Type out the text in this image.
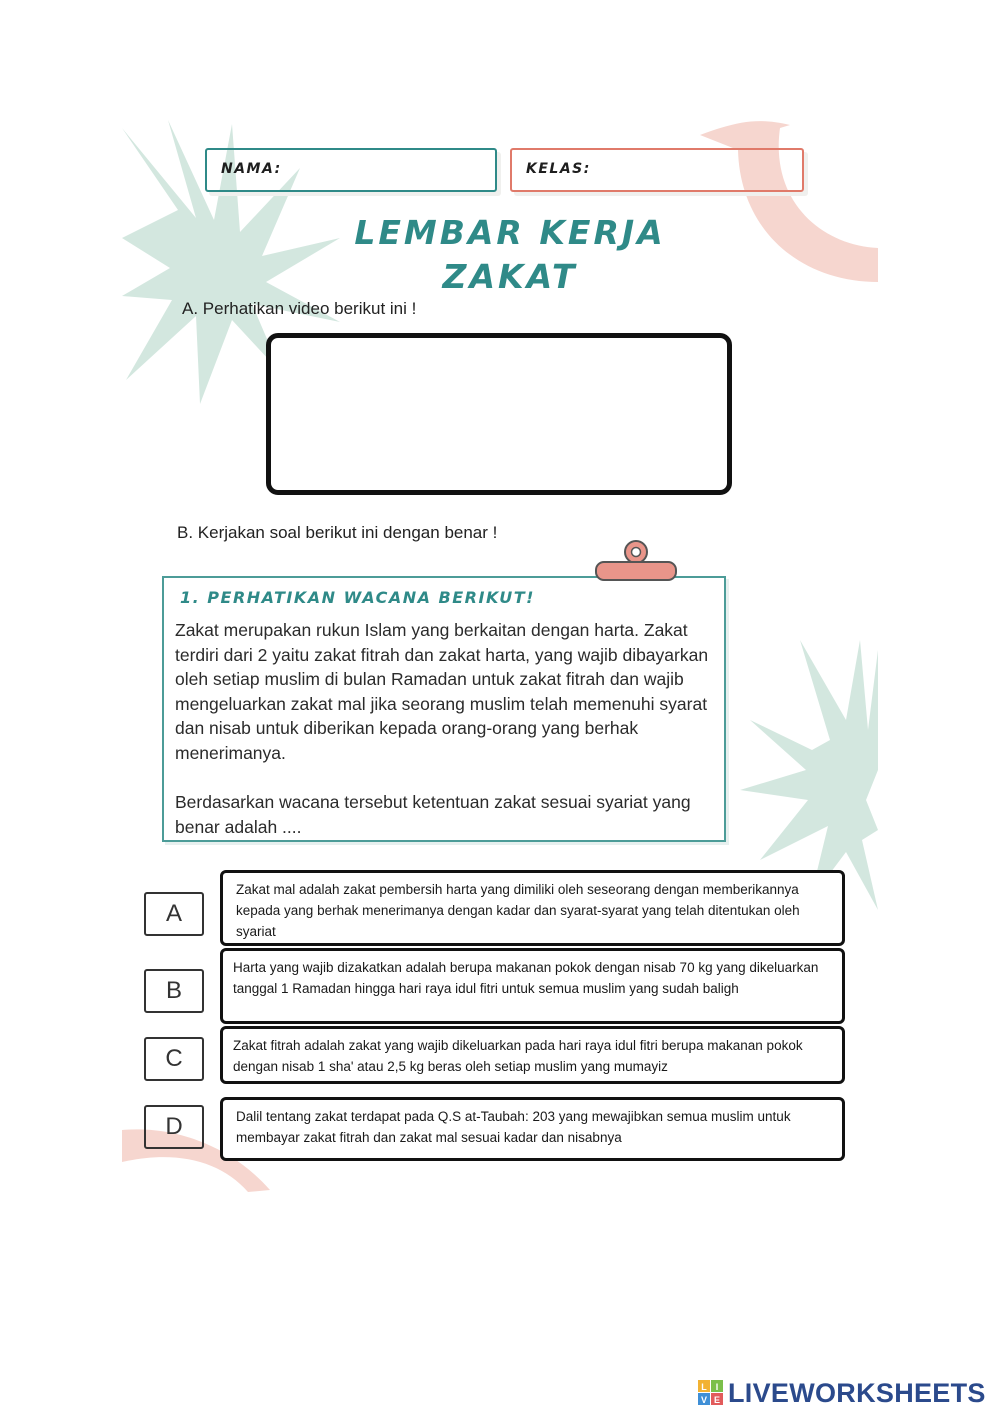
NAMA:	KELAS:
LEMBAR KERJA
ZAKAT
A. Perhatikan video berikut ini !
B. Kerjakan soal berikut ini dengan benar !
1. PERHATIKAN WACANA BERIKUT!
Zakat merupakan rukun Islam yang berkaitan dengan harta. Zakat terdiri dari 2 yaitu zakat fitrah dan zakat harta, yang wajib dibayarkan oleh setiap muslim di bulan Ramadan untuk zakat fitrah dan wajib mengeluarkan zakat mal jika seorang muslim telah memenuhi syarat dan nisab untuk diberikan kepada orang-orang yang berhak menerimanya.
Berdasarkan wacana tersebut ketentuan zakat sesuai syariat yang benar adalah ....
A
Zakat mal adalah zakat pembersih harta yang dimiliki oleh seseorang dengan memberikannya kepada yang berhak menerimanya dengan kadar dan syarat-syarat yang telah ditentukan oleh syariat
B
Harta yang wajib dizakatkan adalah berupa makanan pokok dengan nisab 70 kg yang dikeluarkan tanggal 1 Ramadan hingga hari raya idul fitri untuk semua muslim yang sudah baligh
C	Zakat fitrah adalah zakat yang wajib dikeluarkan pada hari raya idul fitri berupa makanan pokok dengan nisab 1 sha' atau 2,5 kg beras oleh setiap muslim yang mumayiz
D	Dalil tentang zakat terdapat pada Q.S at-Taubah: 203 yang mewajibkan semua muslim untuk membayar zakat fitrah dan zakat mal sesuai kadar dan nisabnya
L I
V E LIVEWORKSHEETS
